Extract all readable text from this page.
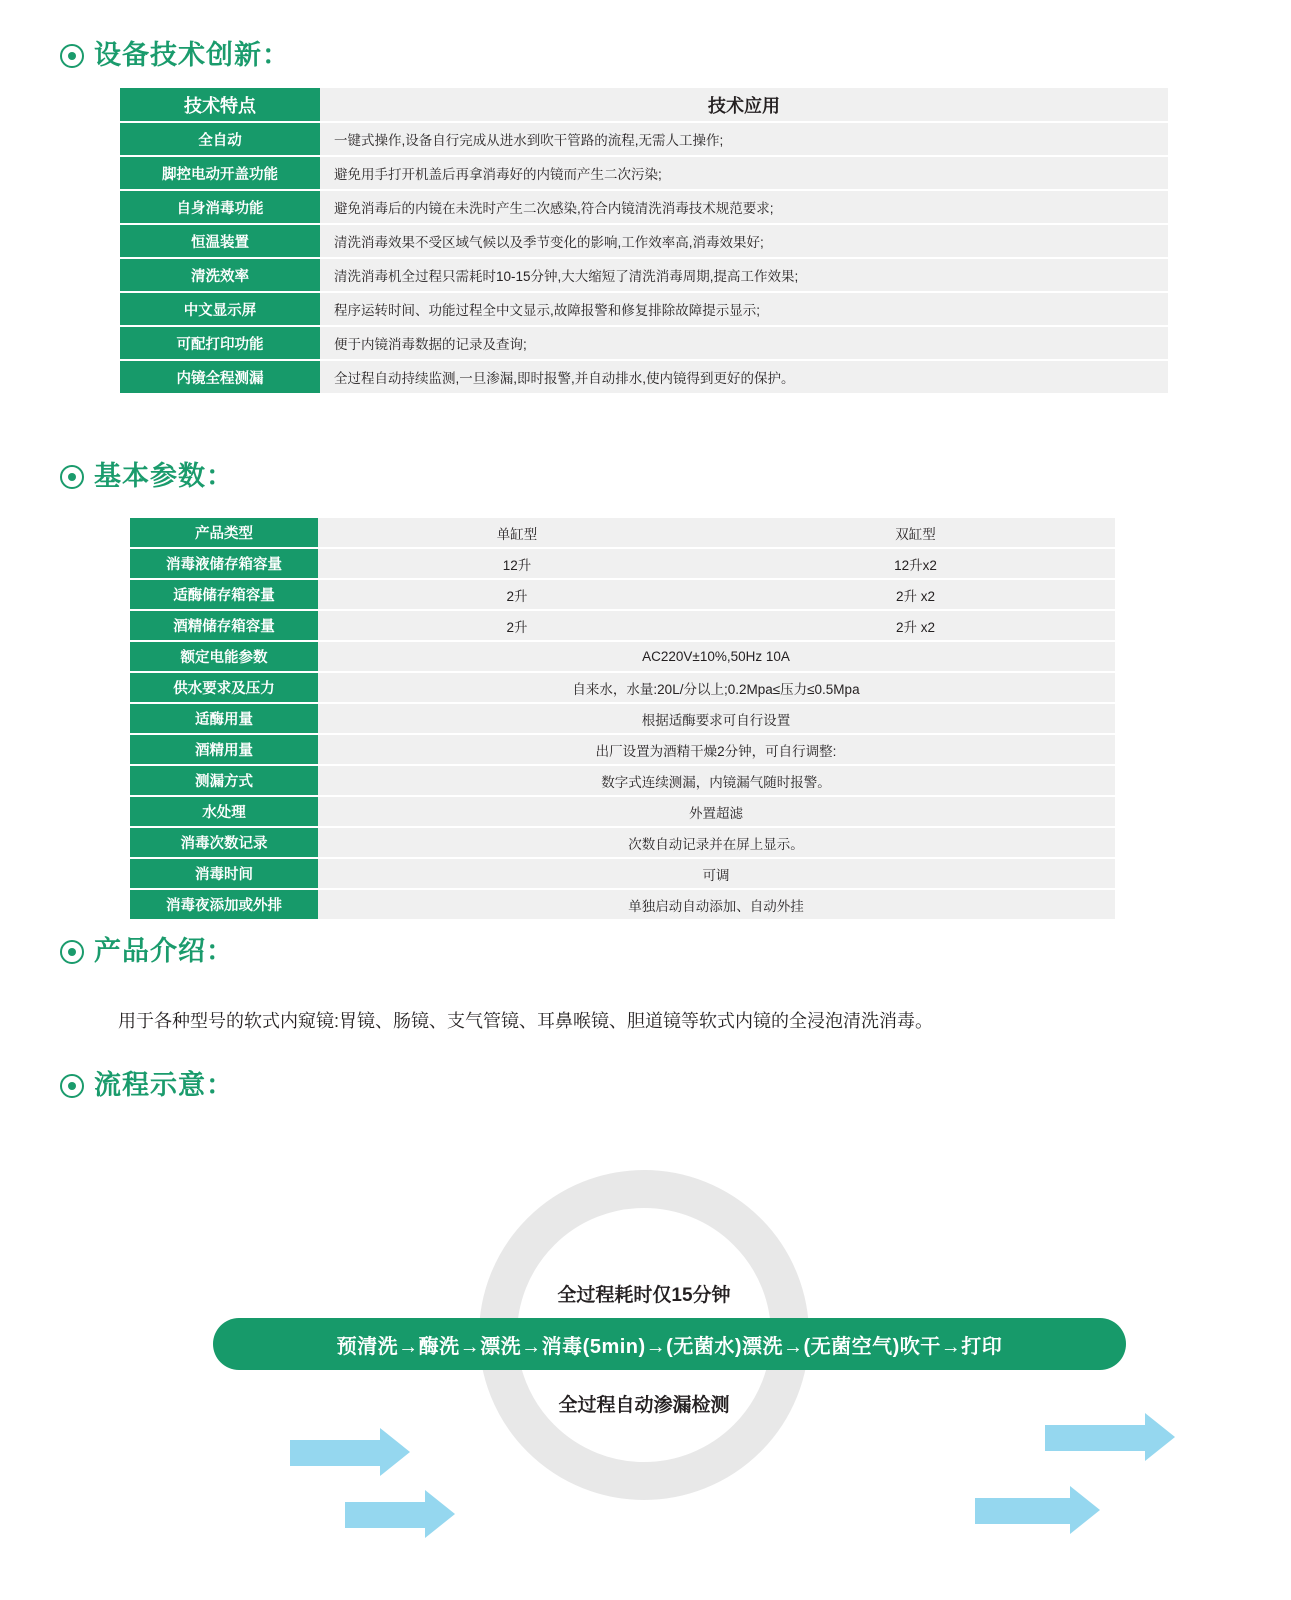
设备技术创新：
技术特点	技术应用
全自动	一键式操作,设备自行完成从进水到吹干管路的流程,无需人工操作;
脚控电动开盖功能	避免用手打开机盖后再拿消毒好的内镜而产生二次污染;
自身消毒功能	避免消毒后的内镜在未洗时产生二次感染,符合内镜清洗消毒技术规范要求;
恒温装置	清洗消毒效果不受区域气候以及季节变化的影响,工作效率高,消毒效果好;
清洗效率	清洗消毒机全过程只需耗时10-15分钟,大大缩短了清洗消毒周期,提高工作效果;
中文显示屏	程序运转时间、功能过程全中文显示,故障报警和修复排除故障提示显示;
可配打印功能	便于内镜消毒数据的记录及查询;
内镜全程测漏	全过程自动持续监测,一旦渗漏,即时报警,并自动排水,使内镜得到更好的保护。
基本参数：
产品类型	单缸型	双缸型
消毒液储存箱容量	12升	12升x2
适酶储存箱容量	2升	2升 x2
酒精储存箱容量	2升	2升 x2
额定电能参数	AC220V±10%,50Hz 10A	
供水要求及压力	自来水，水量:20L/分以上;0.2Mpa≤压力≤0.5Mpa	
适酶用量	根据适酶要求可自行设置	
酒精用量	出厂设置为酒精干燥2分钟，可自行调整:	
测漏方式	数字式连续测漏，内镜漏气随时报警。	
水处理	外置超滤	
消毒次数记录	次数自动记录并在屏上显示。	
消毒时间	可调	
消毒夜添加或外排	单独启动自动添加、自动外挂	
产品介绍：
用于各种型号的软式内窥镜:胃镜、肠镜、支气管镜、耳鼻喉镜、胆道镜等软式内镜的全浸泡清洗消毒。
流程示意：
全过程耗时仅15分钟
全过程自动渗漏检测
预清洗→酶洗→漂洗→消毒(5min)→(无菌水)漂洗→(无菌空气)吹干→打印
